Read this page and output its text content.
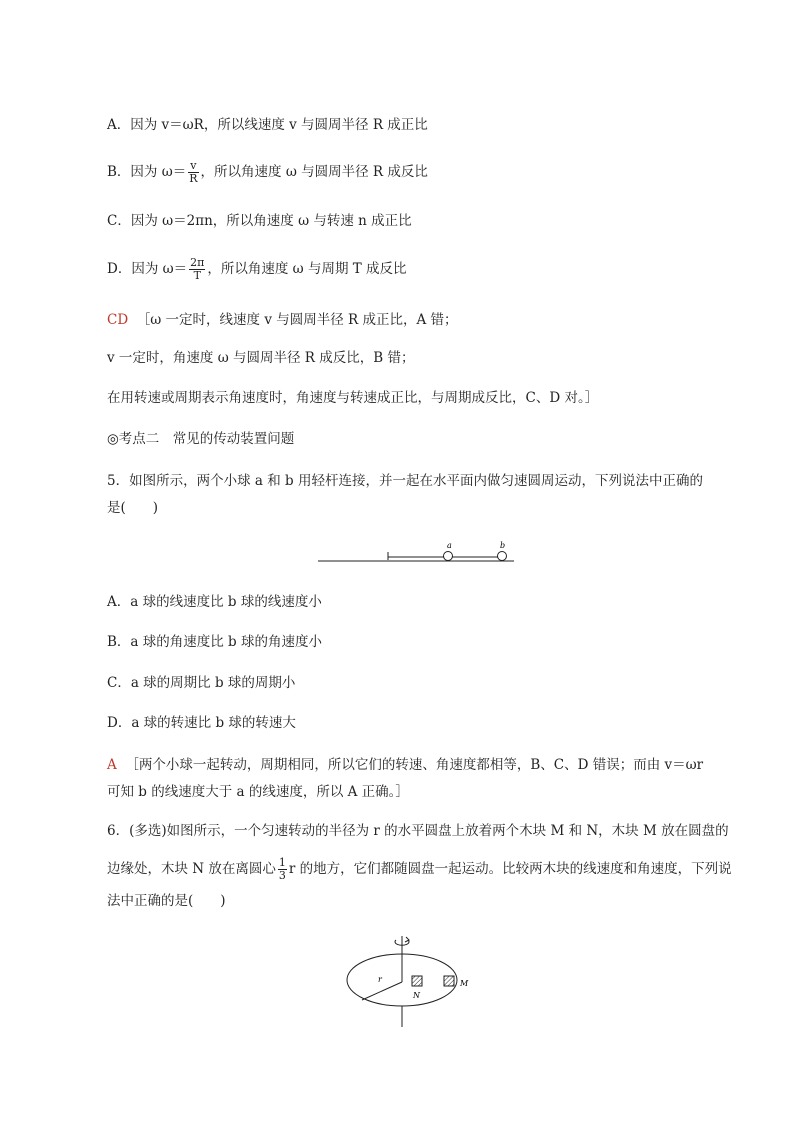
A．因为 v＝ωR，所以线速度 v 与圆周半径 R 成正比
B．因为 $\omega= \frac{v}{R}$ ，所以角速度 ω 与圆周半径 R 成反比
C．因为 ω＝2πn，所以角速度 ω 与转速 n 成正比
D．因为 $\omega= \frac{2\pi}{T}$ ，所以角速度 ω 与周期 T 成反比
CD ［ω 一定时，线速度 v 与圆周半径 R 成正比，A 错；
v 一定时，角速度 ω 与圆周半径 R 成反比，B 错；
在用转速或周期表示角速度时，角速度与转速成正比，与周期成反比，C、D 对。］
◎考点二　常见的传动装置问题
5．如图所示，两个小球 a 和 b 用轻杆连接，并一起在水平面内做匀速圆周运动，下列说法中正确的
是(　　)
a	b
A．a 球的线速度比 b 球的线速度小
B．a 球的角速度比 b 球的角速度小
C．a 球的周期比 b 球的周期小
D．a 球的转速比 b 球的转速大
A ［两个小球一起转动，周期相同，所以它们的转速、角速度都相等，B、C、D 错误；而由 v＝ωr
可知 b 的线速度大于 a 的线速度，所以 A 正确。］
6．(多选)如图所示，一个匀速转动的半径为 r 的水平圆盘上放着两个木块 M 和 N，木块 M 放在圆盘的
边缘处，木块 N 放在离圆心 $\frac{1}{3}$ r 的地方，它们都随圆盘一起运动。比较两木块的线速度和角速度，下列说
法中正确的是(　　)
r
N
M
